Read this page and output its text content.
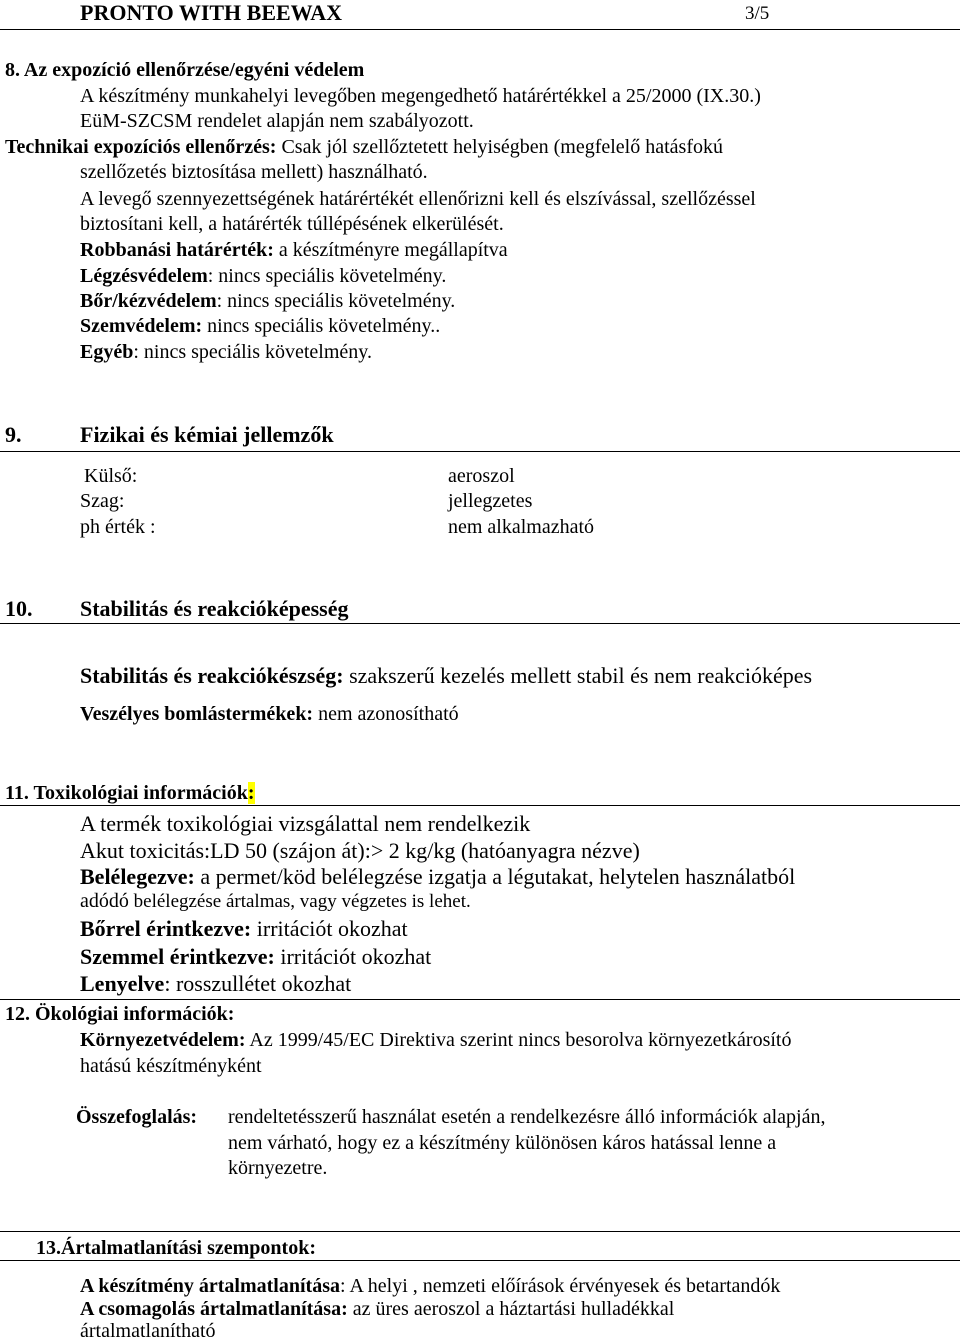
PRONTO WITH BEEWAX	3/5
8. Az expozíció ellenőrzése/egyéni védelem
A készítmény munkahelyi levegőben megengedhető határértékkel a 25/2000 (IX.30.)
EüM-SZCSM rendelet alapján nem szabályozott.
Technikai expozíciós ellenőrzés: Csak jól szellőztetett helyiségben (megfelelő hatásfokú
szellőzetés biztosítása mellett) használható.
A levegő szennyezettségének határértékét ellenőrizni kell és elszívással, szellőzéssel
biztosítani kell, a határérték túllépésének elkerülését.
Robbanási határérték: a készítményre megállapítva
Légzésvédelem: nincs speciális követelmény.
Bőr/kézvédelem: nincs speciális követelmény.
Szemvédelem: nincs speciális követelmény..
Egyéb: nincs speciális követelmény.
9.	Fizikai és kémiai jellemzők
Külső:	aeroszol
Szag:	jellegzetes
ph érték :	nem alkalmazható
10. Stabilitás és reakcióképesség
Stabilitás és reakciókészség: szakszerű kezelés mellett stabil és nem reakcióképes
Veszélyes bomlástermékek: nem azonosítható
11. Toxikológiai információk:
A termék toxikológiai vizsgálattal nem rendelkezik
Akut toxicitás:LD 50 (szájon át):> 2 kg/kg (hatóanyagra nézve)
Belélegezve: a permet/köd belélegzése izgatja a légutakat, helytelen használatból
adódó belélegzése ártalmas, vagy végzetes is lehet.
Bőrrel érintkezve: irritációt okozhat
Szemmel érintkezve: irritációt okozhat
Lenyelve: rosszullétet okozhat
12. Ökológiai információk:
Környezetvédelem: Az 1999/45/EC Direktiva szerint nincs besorolva környezetkárosító
hatású készítményként
Összefoglalás: rendeltetésszerű használat esetén a rendelkezésre álló információk alapján,
nem várható, hogy ez a készítmény különösen káros hatással lenne a
környezetre.
13.Ártalmatlanítási szempontok:
A készítmény ártalmatlanítása: A helyi , nemzeti előírások érvényesek és betartandók
A csomagolás ártalmatlanítása: az üres aeroszol a háztartási hulladékkal
ártalmatlanítható
